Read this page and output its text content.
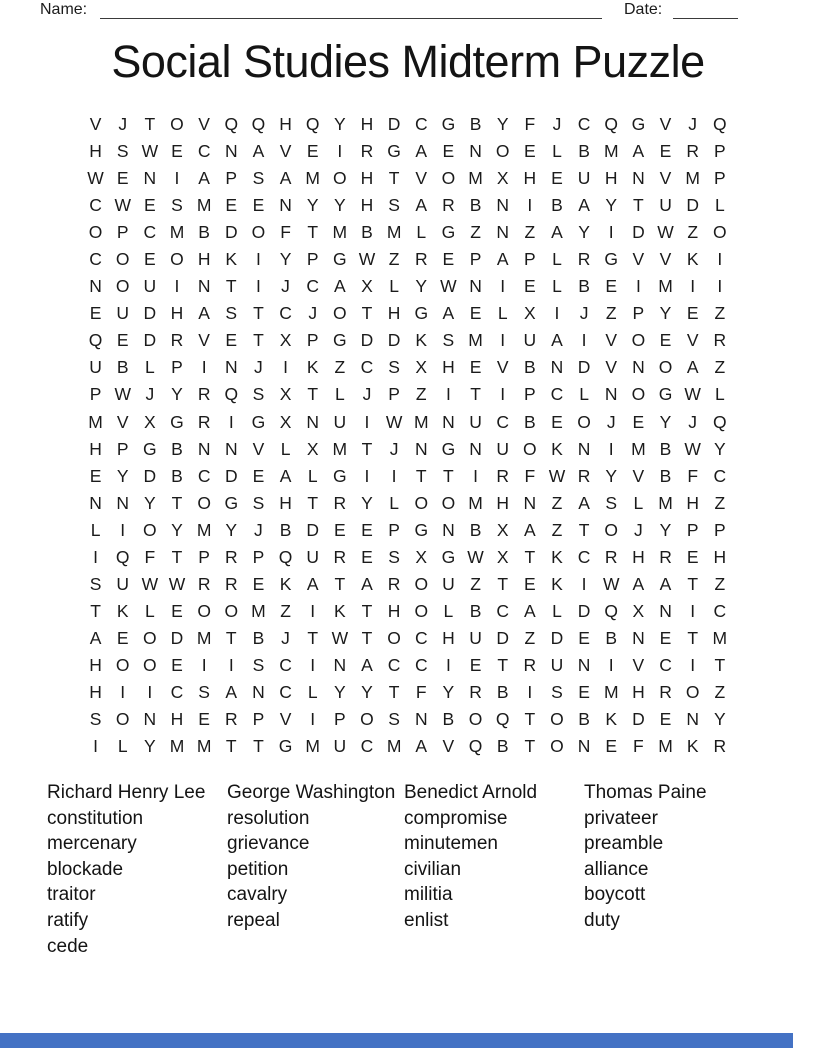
Name:	Date:
Social Studies Midterm Puzzle
V J T O V Q Q H Q Y H D C G B Y F J C Q G V J Q
H S W E C N A V E	I	R G A E N O E L B M A E R P
W E N	I	A P S A M O H T V O M X H E U H N V M P
C W E S M E E N Y Y H S A R B N	I	B A Y T U D L
O P C M B D O F T M B M L G Z N Z A Y	I	D W Z O
C O E O H K	I	Y P G W Z R E P A P L R G V V K	I
N O U	I	N T	I	J C A X L Y W N	I	E L B E	I M I	I
E U D H A S T C J O T H G A E L X	I	J Z P Y E Z
Q E D R V E T X P G D D K S M I	U A	I	V O E V R
U B L P	I	N J	I	K Z C S X H E V B N D V N O A Z
P W J Y R Q S X T L	J P Z	I	T	I	P C L N O G W L
M V X G R	I	G X N U	I W M N U C B E O J E Y J Q
H P G B N N V L X M T J N G N U O K N	I M B W Y
E Y D B C D E A L G	I	I	T T	I	R F W R Y V B F C
N N Y T O G S H T R Y L O O M H N Z A S L M H Z
L	I	O Y M Y J B D E E P G N B X A Z T O J Y P P
I	Q F T P R P Q U R E S X G W X T K C R H R E H
S U W W R R E K A T A R O U Z T E K	I W A A T Z
T K L E O O M Z	I	K T H O L B C A L D Q X N	I	C
A E O D M T B J T W T O C H U D Z D E B N E T M
H O O E	I	I	S C	I	N A C C	I	E T R U N	I	V C	I	T
H	I	I	C S A N C L Y Y T F Y R B	I	S E M H R O Z
S O N H E R P V	I	P O S N B O Q T O B K D E N Y
I	L Y M M T T G M U C M A V Q B T O N E F M K R
Richard Henry Lee
constitution
mercenary
blockade
traitor
ratify
cede
George Washington
resolution
grievance
petition
cavalry
repeal
Benedict Arnold
compromise
minutemen
civilian
militia
enlist
Thomas Paine
privateer
preamble
alliance
boycott
duty
